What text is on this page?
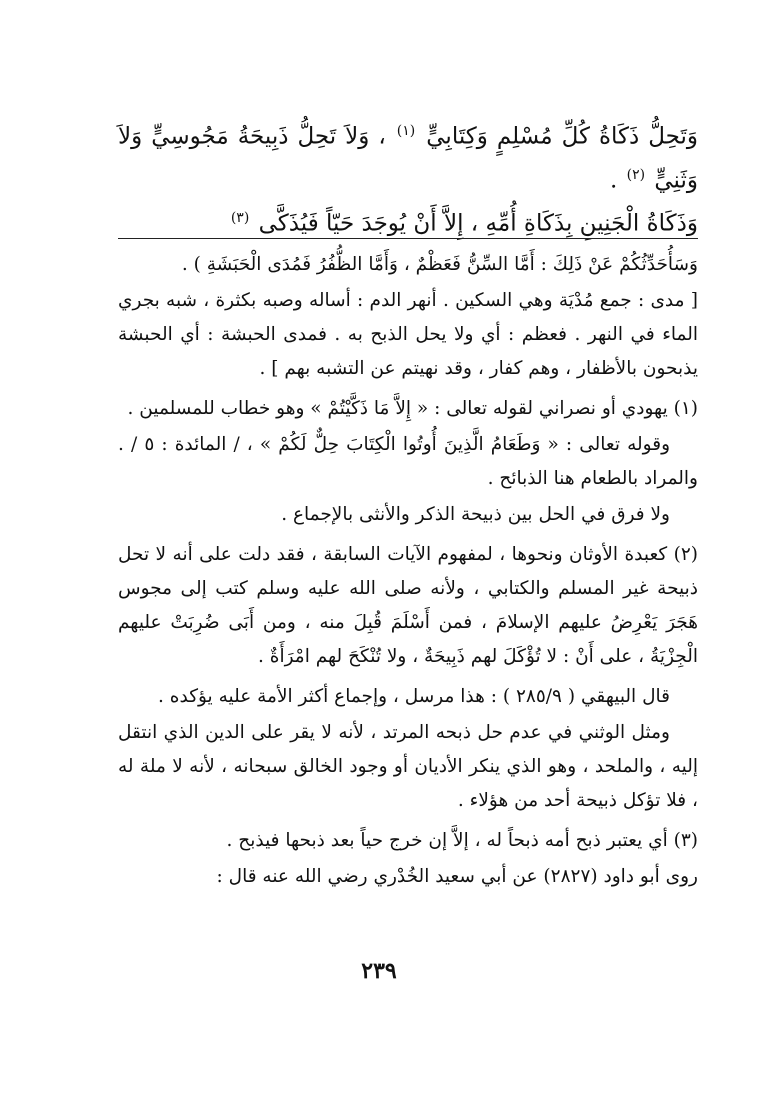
وَتَحِلُّ ذَكَاةُ كُلِّ مُسْلِمٍ وَكِتَابِيٍّ $^{(١)}$ ، وَلاَ تَحِلُّ ذَبِيحَةُ مَجُوسِيٍّ وَلاَ وَثَنِيٍّ $^{(٢)}$ .

وَذَكَاةُ الْجَنِينِ بِذَكَاةِ أُمِّهِ ، إِلاَّ أَنْ يُوجَدَ حَيّاً فَيُذَكَّى $^{(٣)}$

وَسَأُحَدِّثُكُمْ عَنْ ذَلِكَ : أَمَّا السِّنُّ فَعَظْمٌ ، وَأَمَّا الظُّفُرُ فَمُدَى الْحَبَشَةِ ) .

[ مدى : جمع مُدْيَة وهي السكين . أنهر الدم : أساله وصبه بكثرة ، شبه بجري الماء في النهر . فعظم : أي ولا يحل الذبح به . فمدى الحبشة : أي الحبشة يذبحون بالأظفار ، وهم كفار ، وقد نهيتم عن التشبه بهم ] .

(١) يهودي أو نصراني لقوله تعالى : « إِلاَّ مَا ذَكَّيْتُمْ » وهو خطاب للمسلمين .

وقوله تعالى : « وَطَعَامُ الَّذِينَ أُوتُوا الْكِتَابَ حِلٌّ لَكُمْ » ، / المائدة : ٥ / . والمراد بالطعام هنا الذبائح .

ولا فرق في الحل بين ذبيحة الذكر والأنثى بالإجماع .

(٢) كعبدة الأوثان ونحوها ، لمفهوم الآيات السابقة ، فقد دلت على أنه لا تحل ذبيحة غير المسلم والكتابي ، ولأنه صلى الله عليه وسلم كتب إلى مجوس هَجَرَ يَعْرِضُ عليهم الإسلامَ ، فمن أَسْلَمَ قُبِلَ منه ، ومن أَبَى ضُرِبَتْ عليهم الْجِزْيَةُ ، على أَنْ : لا تُؤْكَلَ لهم ذَبِيحَةٌ ، ولا تُنْكَحَ لهم امْرَأَةٌ .

قال البيهقي ( ٢٨٥/٩ ) : هذا مرسل ، وإجماع أكثر الأمة عليه يؤكده .

ومثل الوثني في عدم حل ذبحه المرتد ، لأنه لا يقر على الدين الذي انتقل إليه ، والملحد ، وهو الذي ينكر الأديان أو وجود الخالق سبحانه ، لأنه لا ملة له ، فلا تؤكل ذبيحة أحد من هؤلاء .

(٣) أي يعتبر ذبح أمه ذبحاً له ، إلاَّ إن خرج حياً بعد ذبحها فيذبح .

روى أبو داود (٢٨٢٧) عن أبي سعيد الخُدْري رضي الله عنه قال :

٢٣٩
